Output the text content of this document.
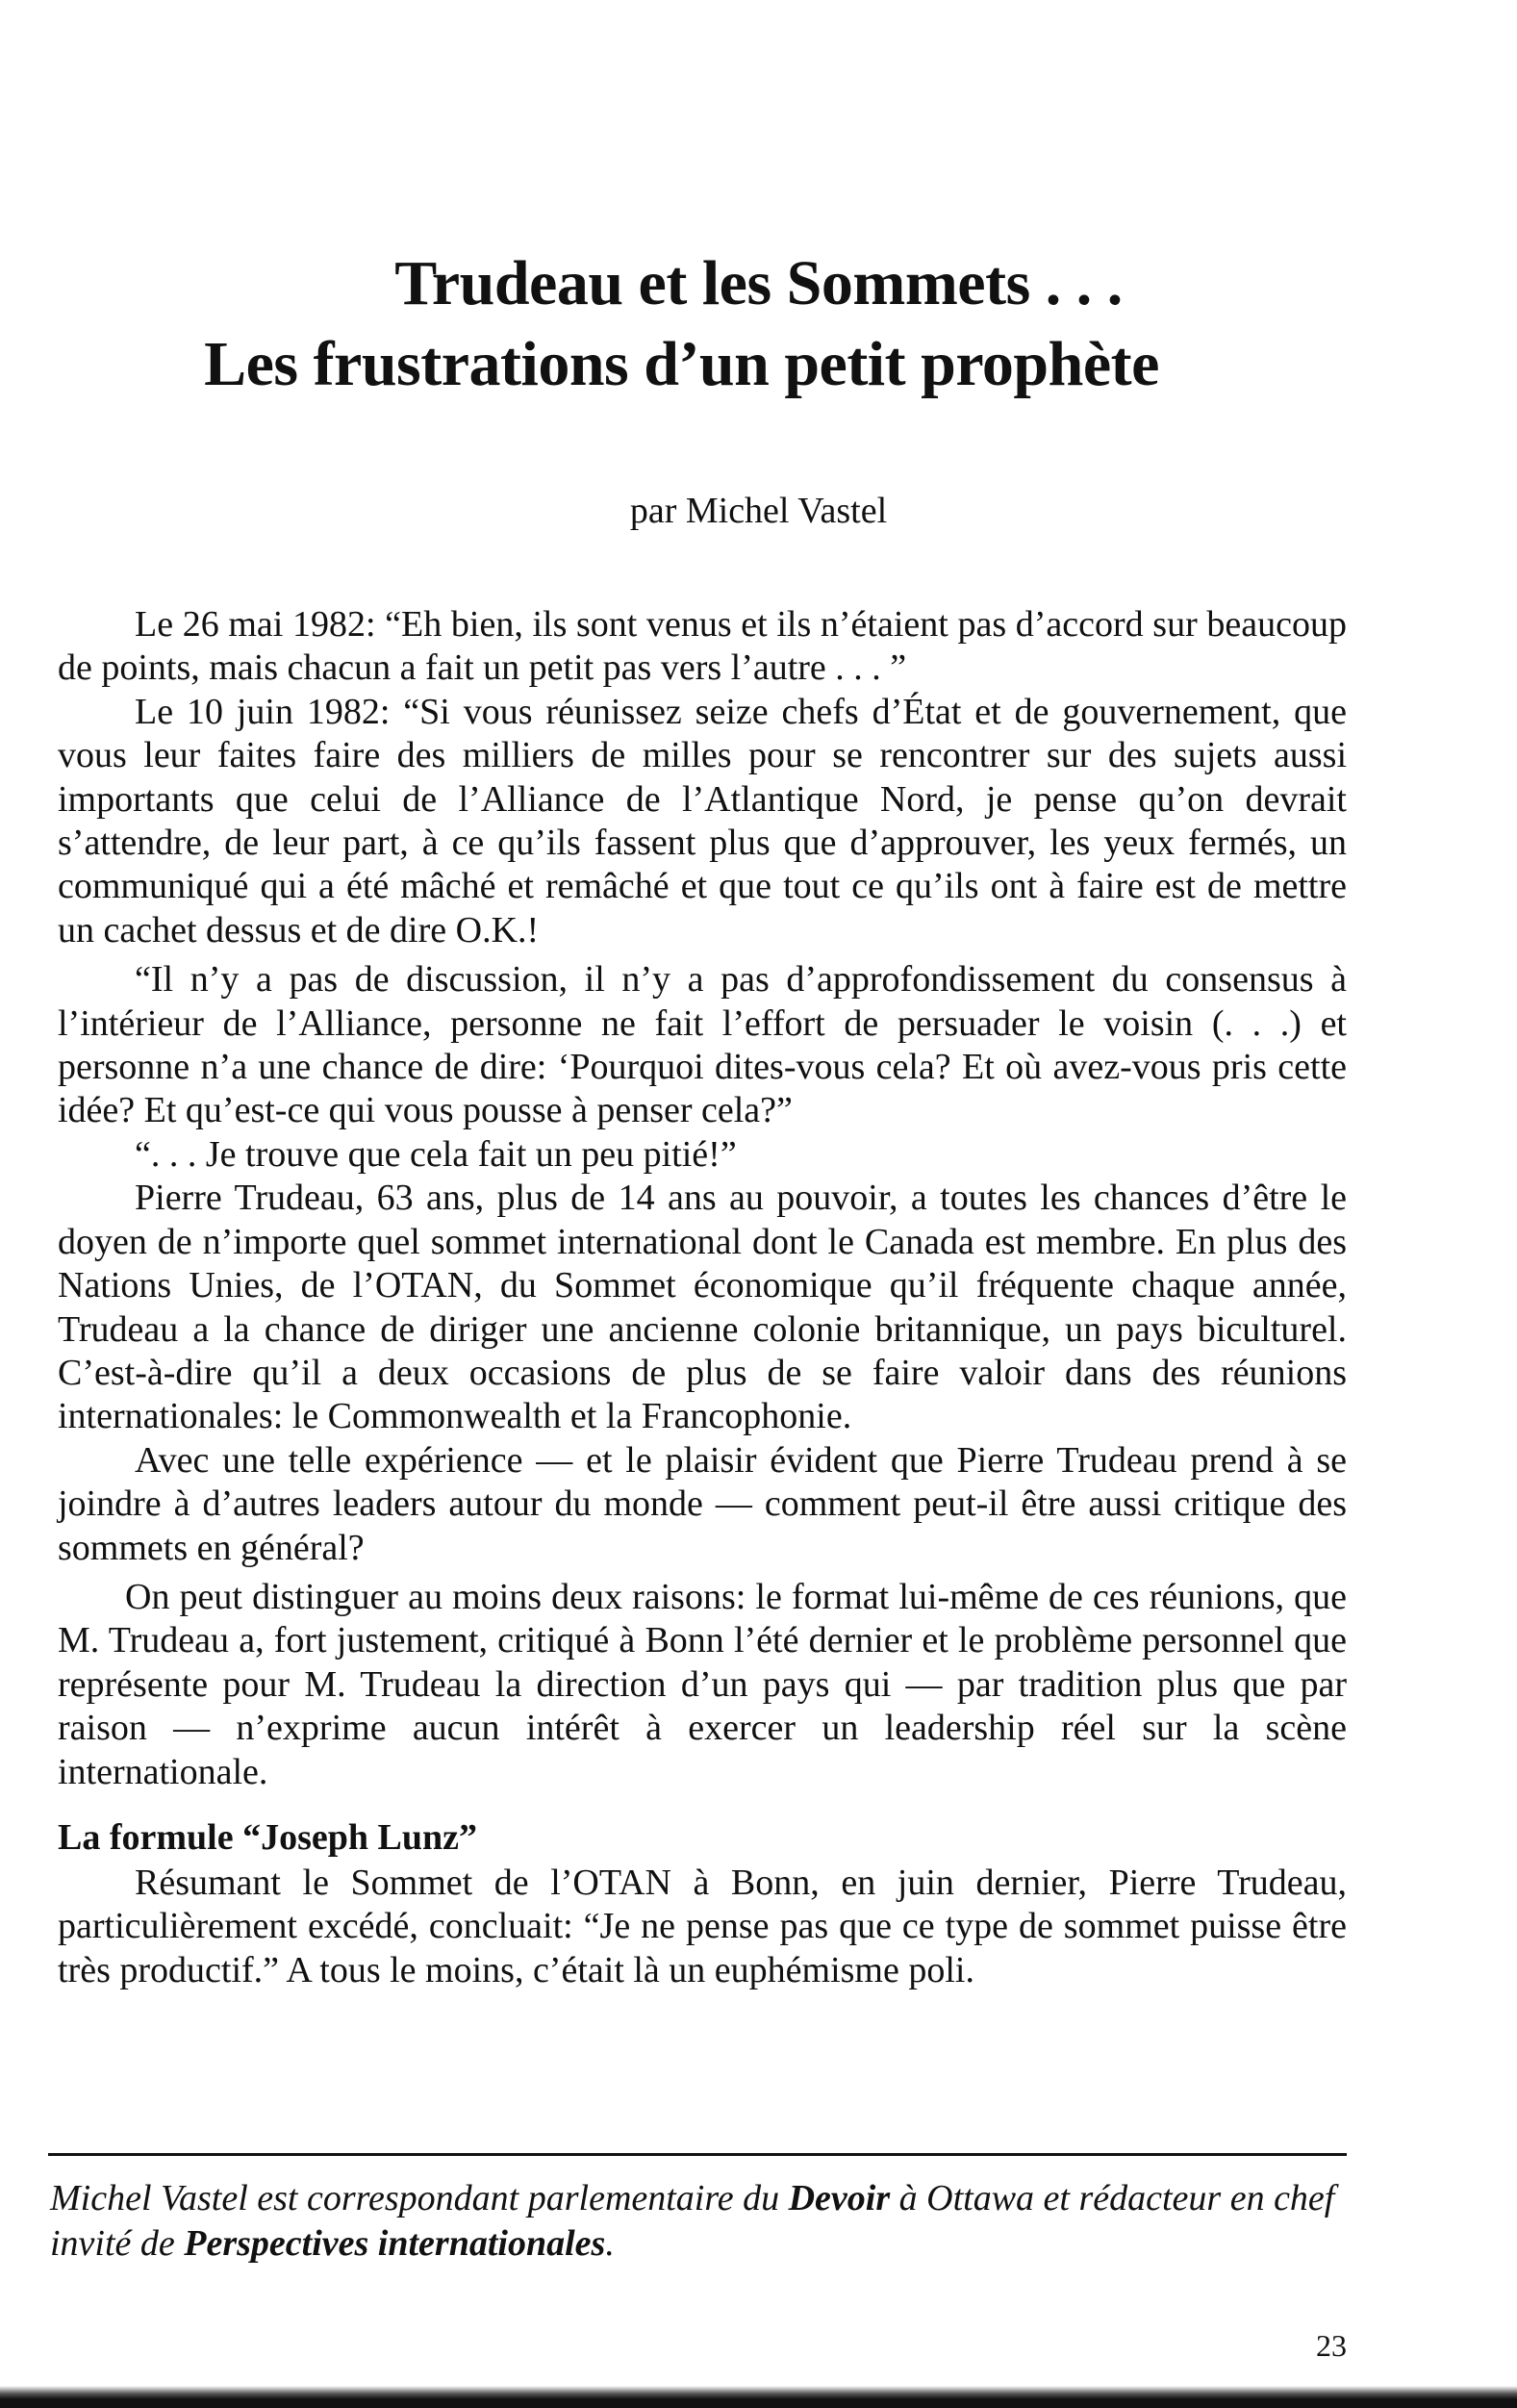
Trudeau et les Sommets . . .
Les frustrations d’un petit prophète
par Michel Vastel

Le 26 mai 1982: “Eh bien, ils sont venus et ils n’étaient pas d’accord sur beaucoup de points, mais chacun a fait un petit pas vers l’autre . . . ”

Le 10 juin 1982: “Si vous réunissez seize chefs d’État et de gouvernement, que vous leur faites faire des milliers de milles pour se rencontrer sur des sujets aussi importants que celui de l’Alliance de l’Atlantique Nord, je pense qu’on devrait s’attendre, de leur part, à ce qu’ils fassent plus que d’approuver, les yeux fermés, un communiqué qui a été mâché et remâché et que tout ce qu’ils ont à faire est de mettre un cachet dessus et de dire O.K.!

“Il n’y a pas de discussion, il n’y a pas d’approfondissement du consensus à l’intérieur de l’Alliance, personne ne fait l’effort de persuader le voisin (. . .) et personne n’a une chance de dire: ‘Pourquoi dites-vous cela? Et où avez-vous pris cette idée? Et qu’est-ce qui vous pousse à penser cela?”

“. . . Je trouve que cela fait un peu pitié!”

Pierre Trudeau, 63 ans, plus de 14 ans au pouvoir, a toutes les chances d’être le doyen de n’importe quel sommet international dont le Canada est membre. En plus des Nations Unies, de l’OTAN, du Sommet économique qu’il fréquente chaque année, Trudeau a la chance de diriger une ancienne colonie britannique, un pays biculturel. C’est-à-dire qu’il a deux occasions de plus de se faire valoir dans des réunions internationales: le Commonwealth et la Francophonie.

Avec une telle expérience — et le plaisir évident que Pierre Trudeau prend à se joindre à d’autres leaders autour du monde — comment peut-il être aussi critique des sommets en général?

On peut distinguer au moins deux raisons: le format lui-même de ces réunions, que M. Trudeau a, fort justement, critiqué à Bonn l’été dernier et le problème personnel que représente pour M. Trudeau la direction d’un pays qui — par tradition plus que par raison — n’exprime aucun intérêt à exercer un leadership réel sur la scène internationale.

La formule “Joseph Lunz”

Résumant le Sommet de l’OTAN à Bonn, en juin dernier, Pierre Trudeau, particulièrement excédé, concluait: “Je ne pense pas que ce type de sommet puisse être très productif.” A tous le moins, c’était là un euphémisme poli.

Michel Vastel est correspondant parlementaire du Devoir à Ottawa et rédacteur en chef invité de Perspectives internationales.
23
